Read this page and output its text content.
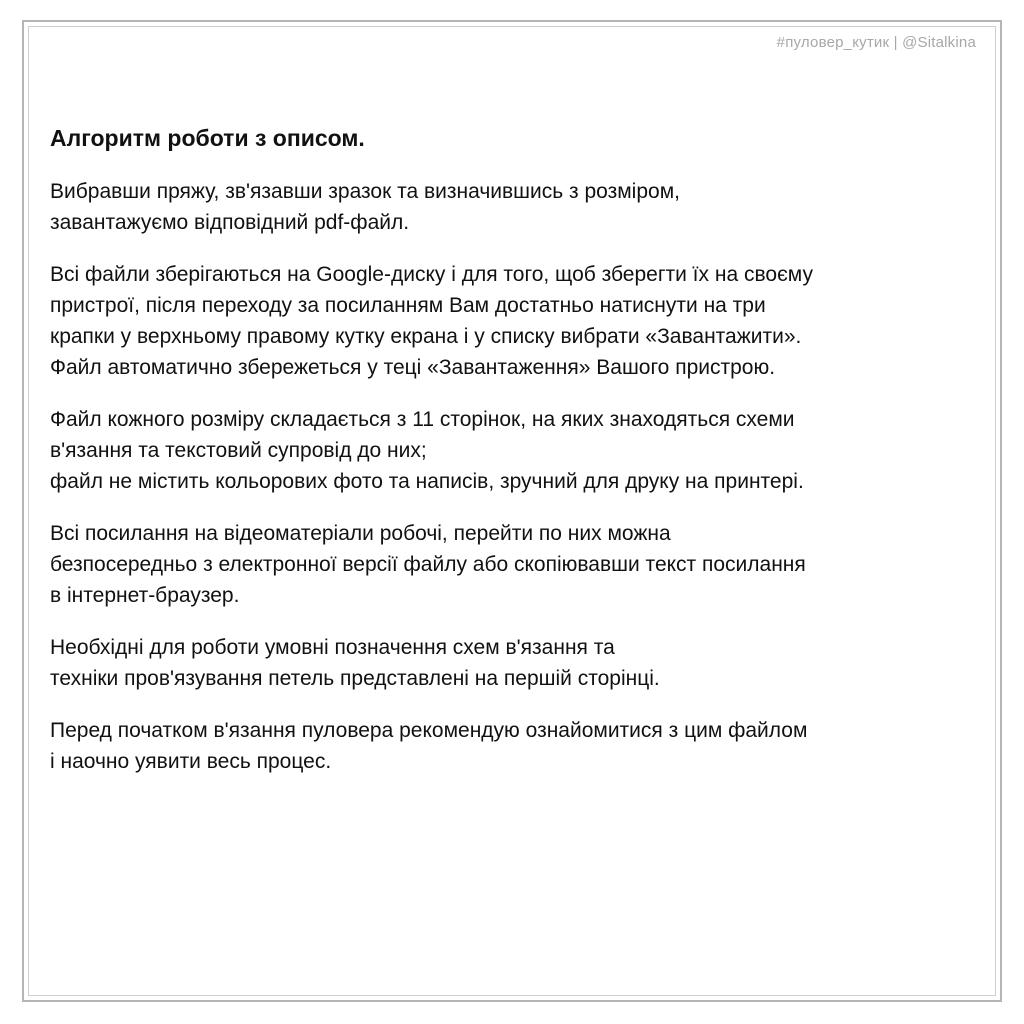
#пуловер_кутик | @Sitalkina
Алгоритм роботи з описом.

Вибравши пряжу, зв'язавши зразок та визначившись з розміром,
завантажуємо відповідний pdf-файл.

Всі файли зберігаються на Google-диску і для того, щоб зберегти їх на своєму
пристрої, після переходу за посиланням Вам достатньо натиснути на три
крапки у верхньому правому кутку екрана і у списку вибрати «Завантажити».
Файл автоматично збережеться у теці «Завантаження» Вашого пристрою.

Файл кожного розміру складається з 11 сторінок, на яких знаходяться схеми
в'язання та текстовий супровід до них;
файл не містить кольорових фото та написів, зручний для друку на принтері.

Всі посилання на відеоматеріали робочі, перейти по них можна
безпосередньо з електронної версії файлу або скопіювавши текст посилання
в інтернет-браузер.

Необхідні для роботи умовні позначення схем в'язання та
техніки пров'язування петель представлені на першій сторінці.

Перед початком в'язання пуловера рекомендую ознайомитися з цим файлом
і наочно уявити весь процес.
